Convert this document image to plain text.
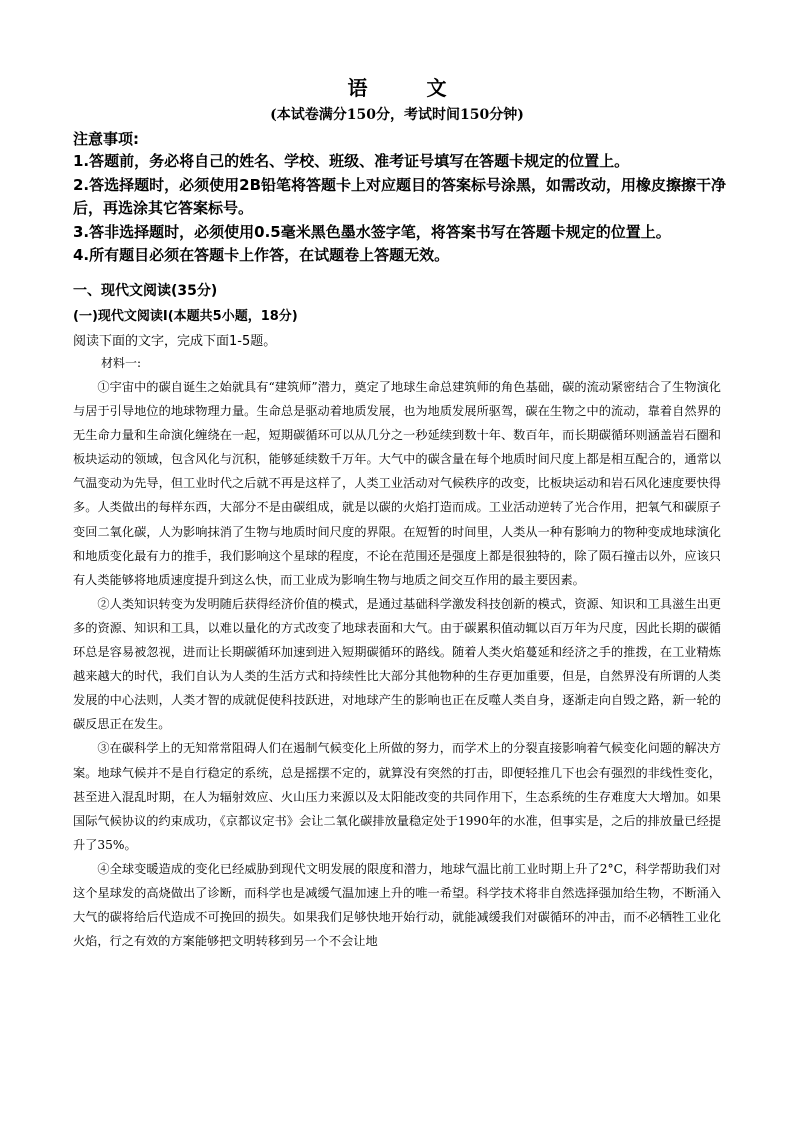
语 文
(本试卷满分150分，考试时间150分钟)
注意事项:
1.答题前，务必将自己的姓名、学校、班级、准考证号填写在答题卡规定的位置上。
2.答选择题时，必须使用2B铅笔将答题卡上对应题目的答案标号涂黑，如需改动，用橡皮擦擦干净后，再选涂其它答案标号。
3.答非选择题时，必须使用0.5毫米黑色墨水签字笔，将答案书写在答题卡规定的位置上。
4.所有题目必须在答题卡上作答，在试题卷上答题无效。
一、现代文阅读(35分)
(一)现代文阅读Ⅰ(本题共5小题，18分)
阅读下面的文字，完成下面1-5题。
材料一:

①宇宙中的碳自诞生之始就具有“建筑师”潜力，奠定了地球生命总建筑师的角色基础，碳的流动紧密结合了生物演化与居于引导地位的地球物理力量。生命总是驱动着地质发展，也为地质发展所驱驾，碳在生物之中的流动，靠着自然界的无生命力量和生命演化缠绕在一起，短期碳循环可以从几分之一秒延续到数十年、数百年，而长期碳循环则涵盖岩石圈和板块运动的领域，包含风化与沉积，能够延续数千万年。大气中的碳含量在每个地质时间尺度上都是相互配合的，通常以气温变动为先导，但工业时代之后就不再是这样了，人类工业活动对气候秩序的改变，比板块运动和岩石风化速度要快得多。人类做出的每样东西，大部分不是由碳组成，就是以碳的火焰打造而成。工业活动逆转了光合作用，把氧气和碳原子变回二氧化碳，人为影响抹消了生物与地质时间尺度的界限。在短暂的时间里，人类从一种有影响力的物种变成地球演化和地质变化最有力的推手，我们影响这个星球的程度，不论在范围还是强度上都是很独特的，除了陨石撞击以外，应该只有人类能够将地质速度提升到这么快，而工业成为影响生物与地质之间交互作用的最主要因素。

②人类知识转变为发明随后获得经济价值的模式，是通过基础科学激发科技创新的模式，资源、知识和工具滋生出更多的资源、知识和工具，以难以量化的方式改变了地球表面和大气。由于碳累积值动辄以百万年为尺度，因此长期的碳循环总是容易被忽视，进而让长期碳循环加速到进入短期碳循环的路线。随着人类火焰蔓延和经济之手的推拨，在工业精炼越来越大的时代，我们自认为人类的生活方式和持续性比大部分其他物种的生存更加重要，但是，自然界没有所谓的人类发展的中心法则，人类才智的成就促使科技跃进，对地球产生的影响也正在反噬人类自身，逐渐走向自毁之路，新一轮的碳反思正在发生。

③在碳科学上的无知常常阻碍人们在遏制气候变化上所做的努力，而学术上的分裂直接影响着气候变化问题的解决方案。地球气候并不是自行稳定的系统，总是摇摆不定的，就算没有突然的打击，即便轻推几下也会有强烈的非线性变化，甚至进入混乱时期，在人为辐射效应、火山压力来源以及太阳能改变的共同作用下，生态系统的生存难度大大增加。如果国际气候协议的约束成功，《京都议定书》会让二氧化碳排放量稳定处于1990年的水准，但事实是，之后的排放量已经提升了35%。

④全球变暖造成的变化已经威胁到现代文明发展的限度和潜力，地球气温比前工业时期上升了2°C，科学帮助我们对这个星球发的高烧做出了诊断，而科学也是减缓气温加速上升的唯一希望。科学技术将非自然选择强加给生物，不断涌入大气的碳将给后代造成不可挽回的损失。如果我们足够快地开始行动，就能减缓我们对碳循环的冲击，而不必牺牲工业化火焰，行之有效的方案能够把文明转移到另一个不会让地
